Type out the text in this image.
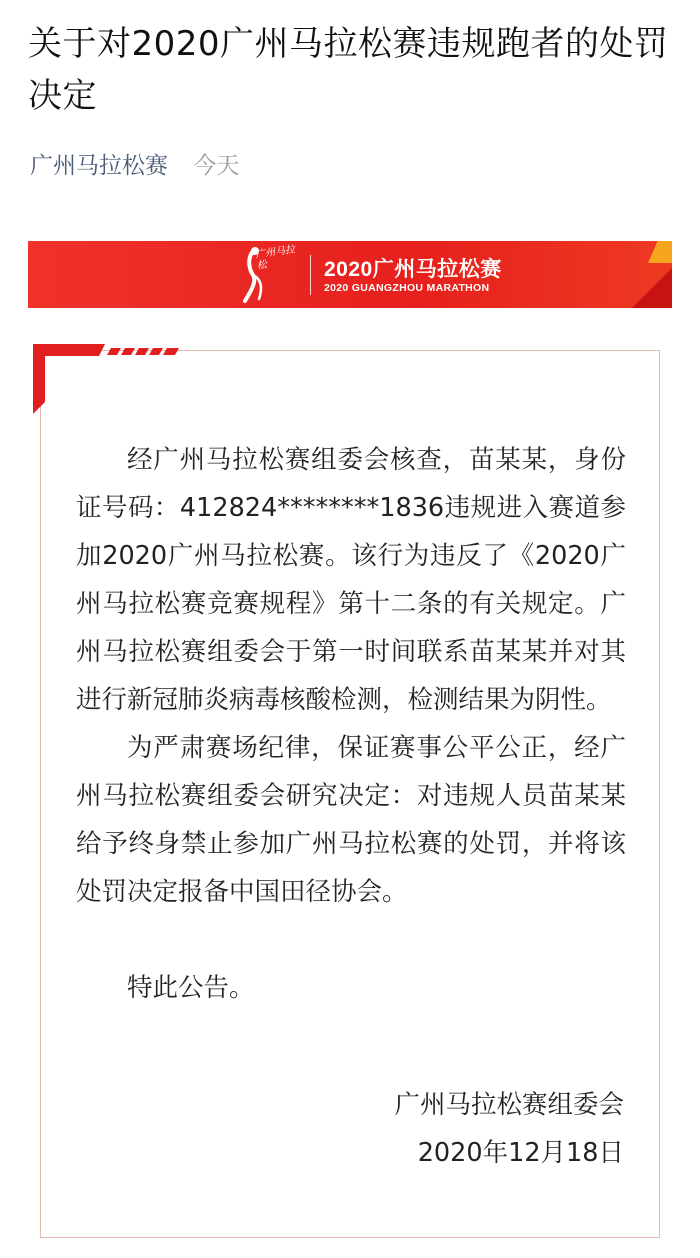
关于对2020广州马拉松赛违规跑者的处罚决定
广州马拉松赛 今天
广州马拉松	2020广州马拉松赛
2020 GUANGZHOU MARATHON

经广州马拉松赛组委会核查，苗某某，身份证号码：412824********1836违规进入赛道参加2020广州马拉松赛。该行为违反了《2020广州马拉松赛竞赛规程》第十二条的有关规定。广州马拉松赛组委会于第一时间联系苗某某并对其进行新冠肺炎病毒核酸检测，检测结果为阴性。

为严肃赛场纪律，保证赛事公平公正，经广州马拉松赛组委会研究决定：对违规人员苗某某给予终身禁止参加广州马拉松赛的处罚，并将该处罚决定报备中国田径协会。

特此公告。

广州马拉松赛组委会
2020年12月18日
